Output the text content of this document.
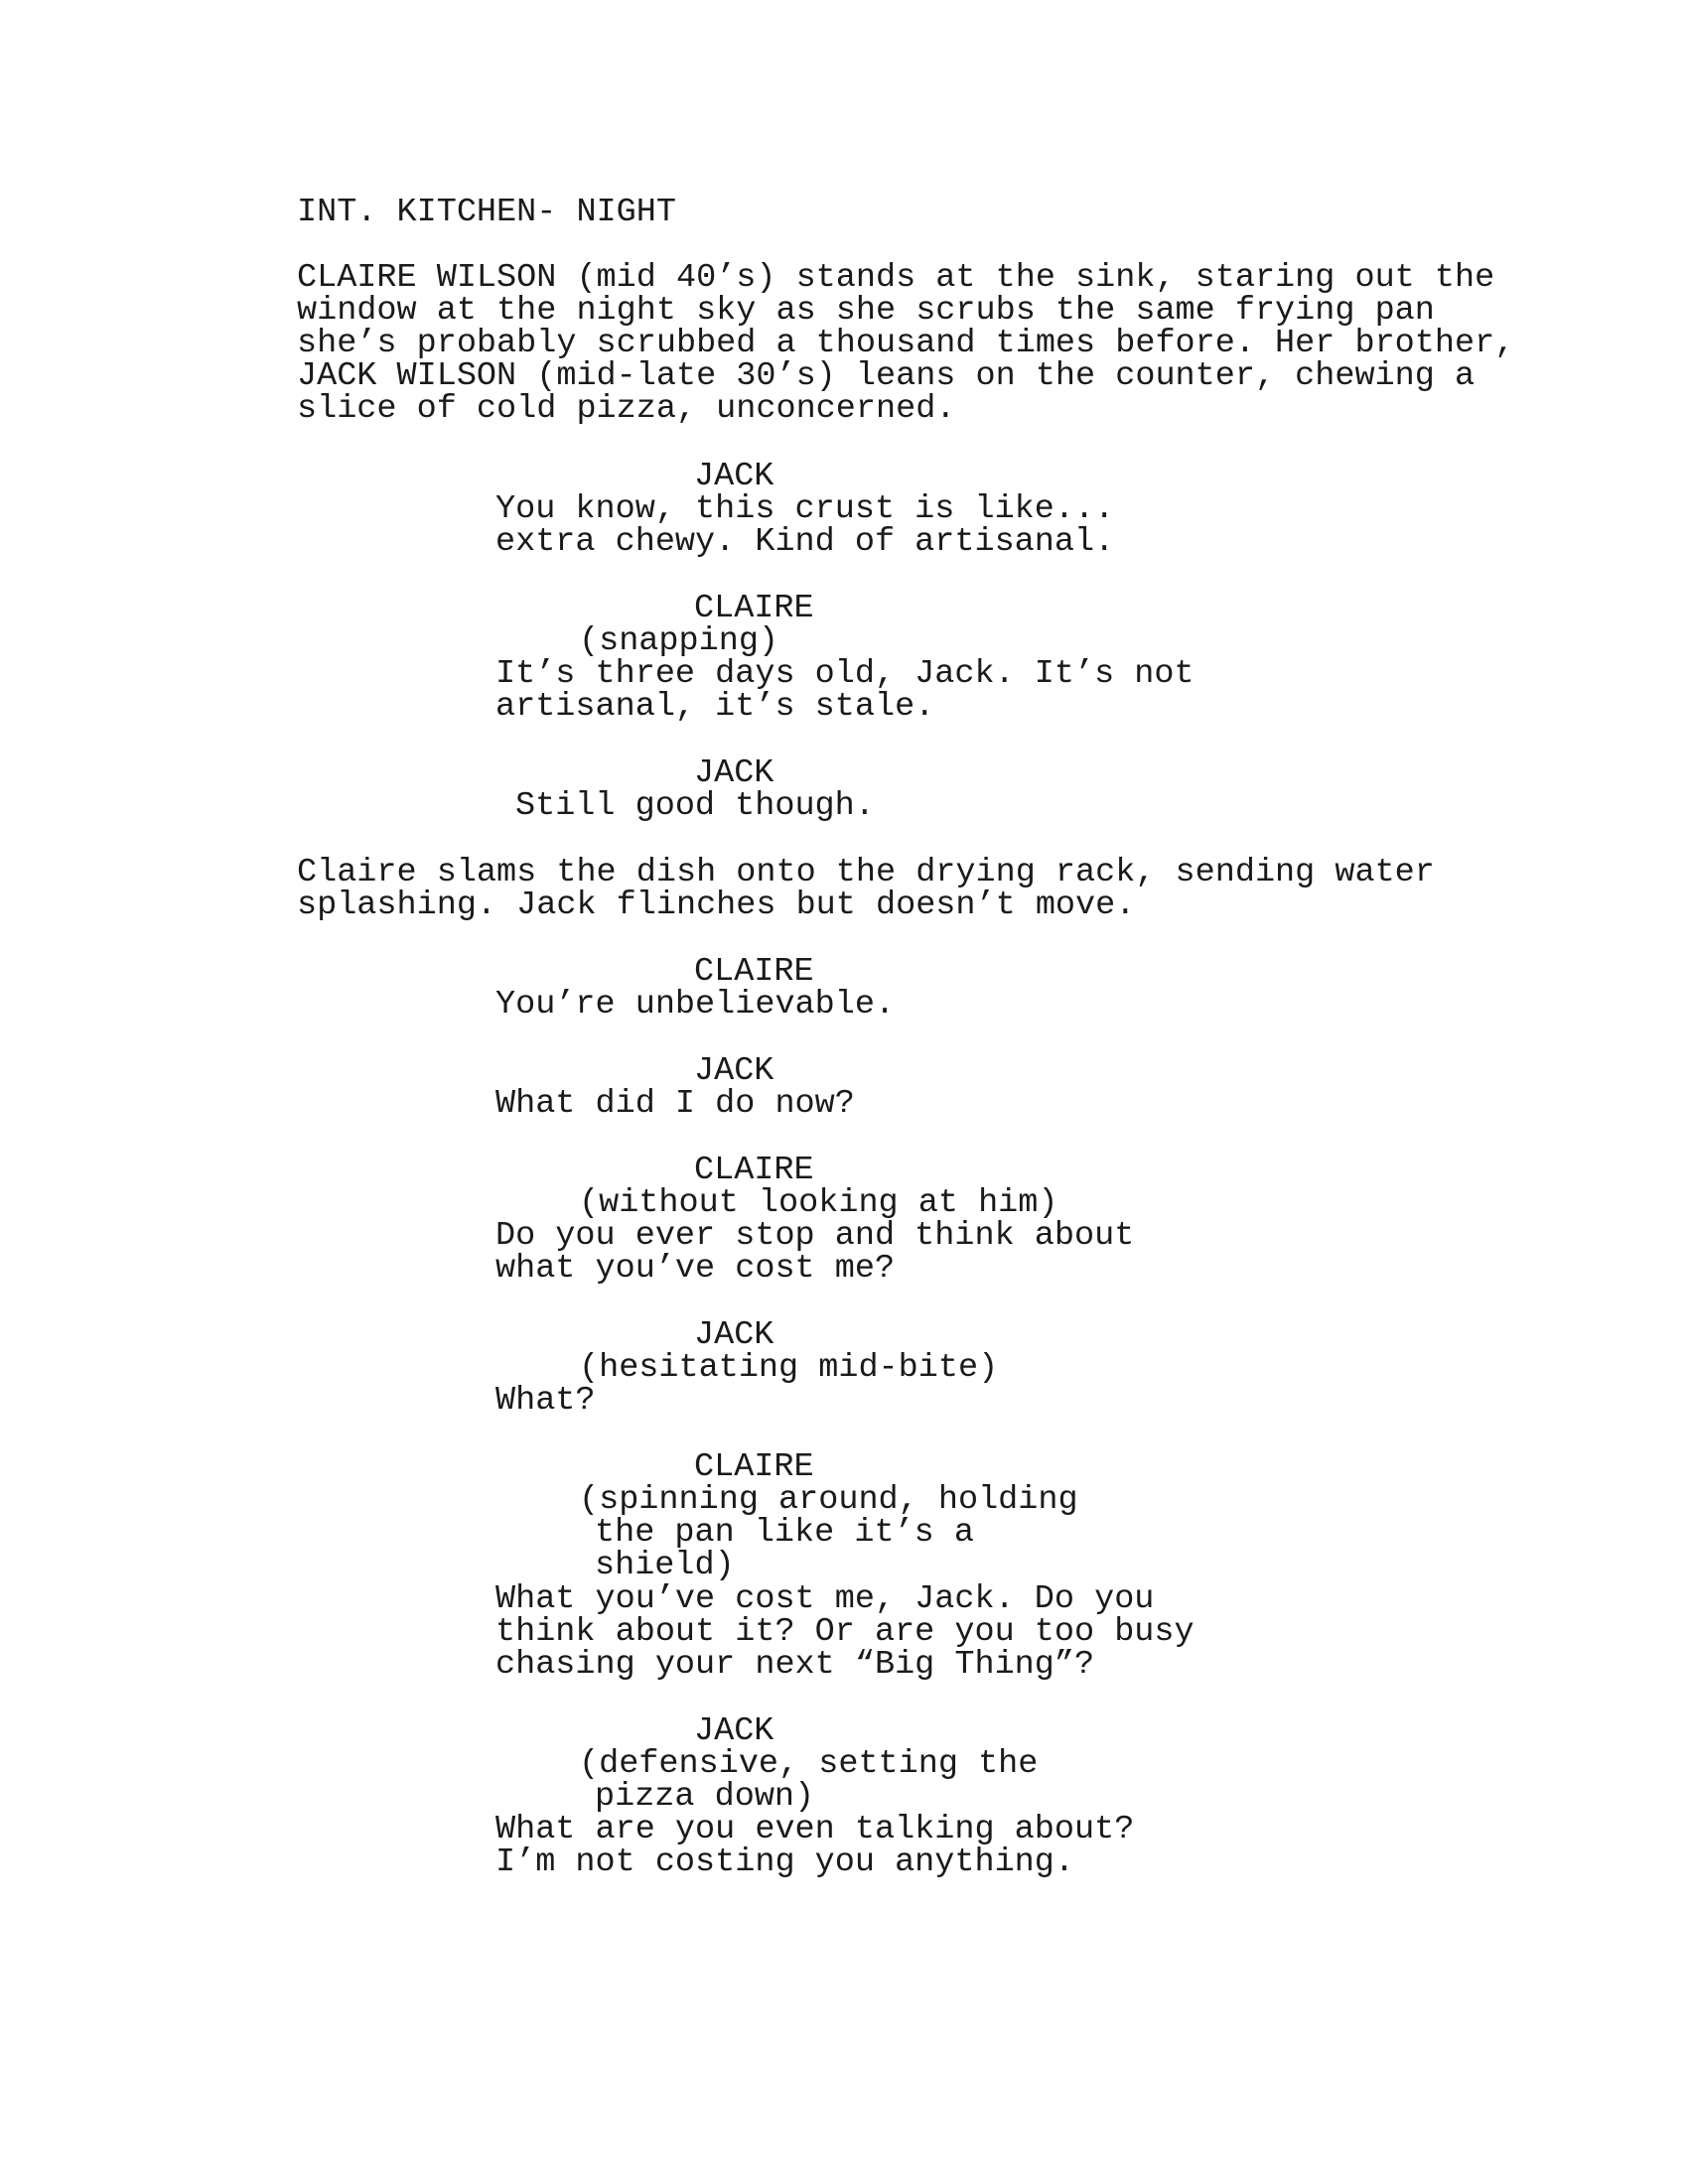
INT. KITCHEN- NIGHT
CLAIRE WILSON (mid 40’s) stands at the sink, staring out the
window at the night sky as she scrubs the same frying pan
she’s probably scrubbed a thousand times before. Her brother,
JACK WILSON (mid-late 30’s) leans on the counter, chewing a
slice of cold pizza, unconcerned.
JACK
You know, this crust is like...
extra chewy. Kind of artisanal.
CLAIRE
(snapping)
It’s three days old, Jack. It’s not
artisanal, it’s stale.
JACK
Still good though.
Claire slams the dish onto the drying rack, sending water
splashing. Jack flinches but doesn’t move.
CLAIRE
You’re unbelievable.
JACK
What did I do now?
CLAIRE
(without looking at him)
Do you ever stop and think about
what you’ve cost me?
JACK
(hesitating mid-bite)
What?
CLAIRE
(spinning around, holding
the pan like it’s a
shield)
What you’ve cost me, Jack. Do you
think about it? Or are you too busy
chasing your next “Big Thing”?
JACK
(defensive, setting the
pizza down)
What are you even talking about?
I’m not costing you anything.
